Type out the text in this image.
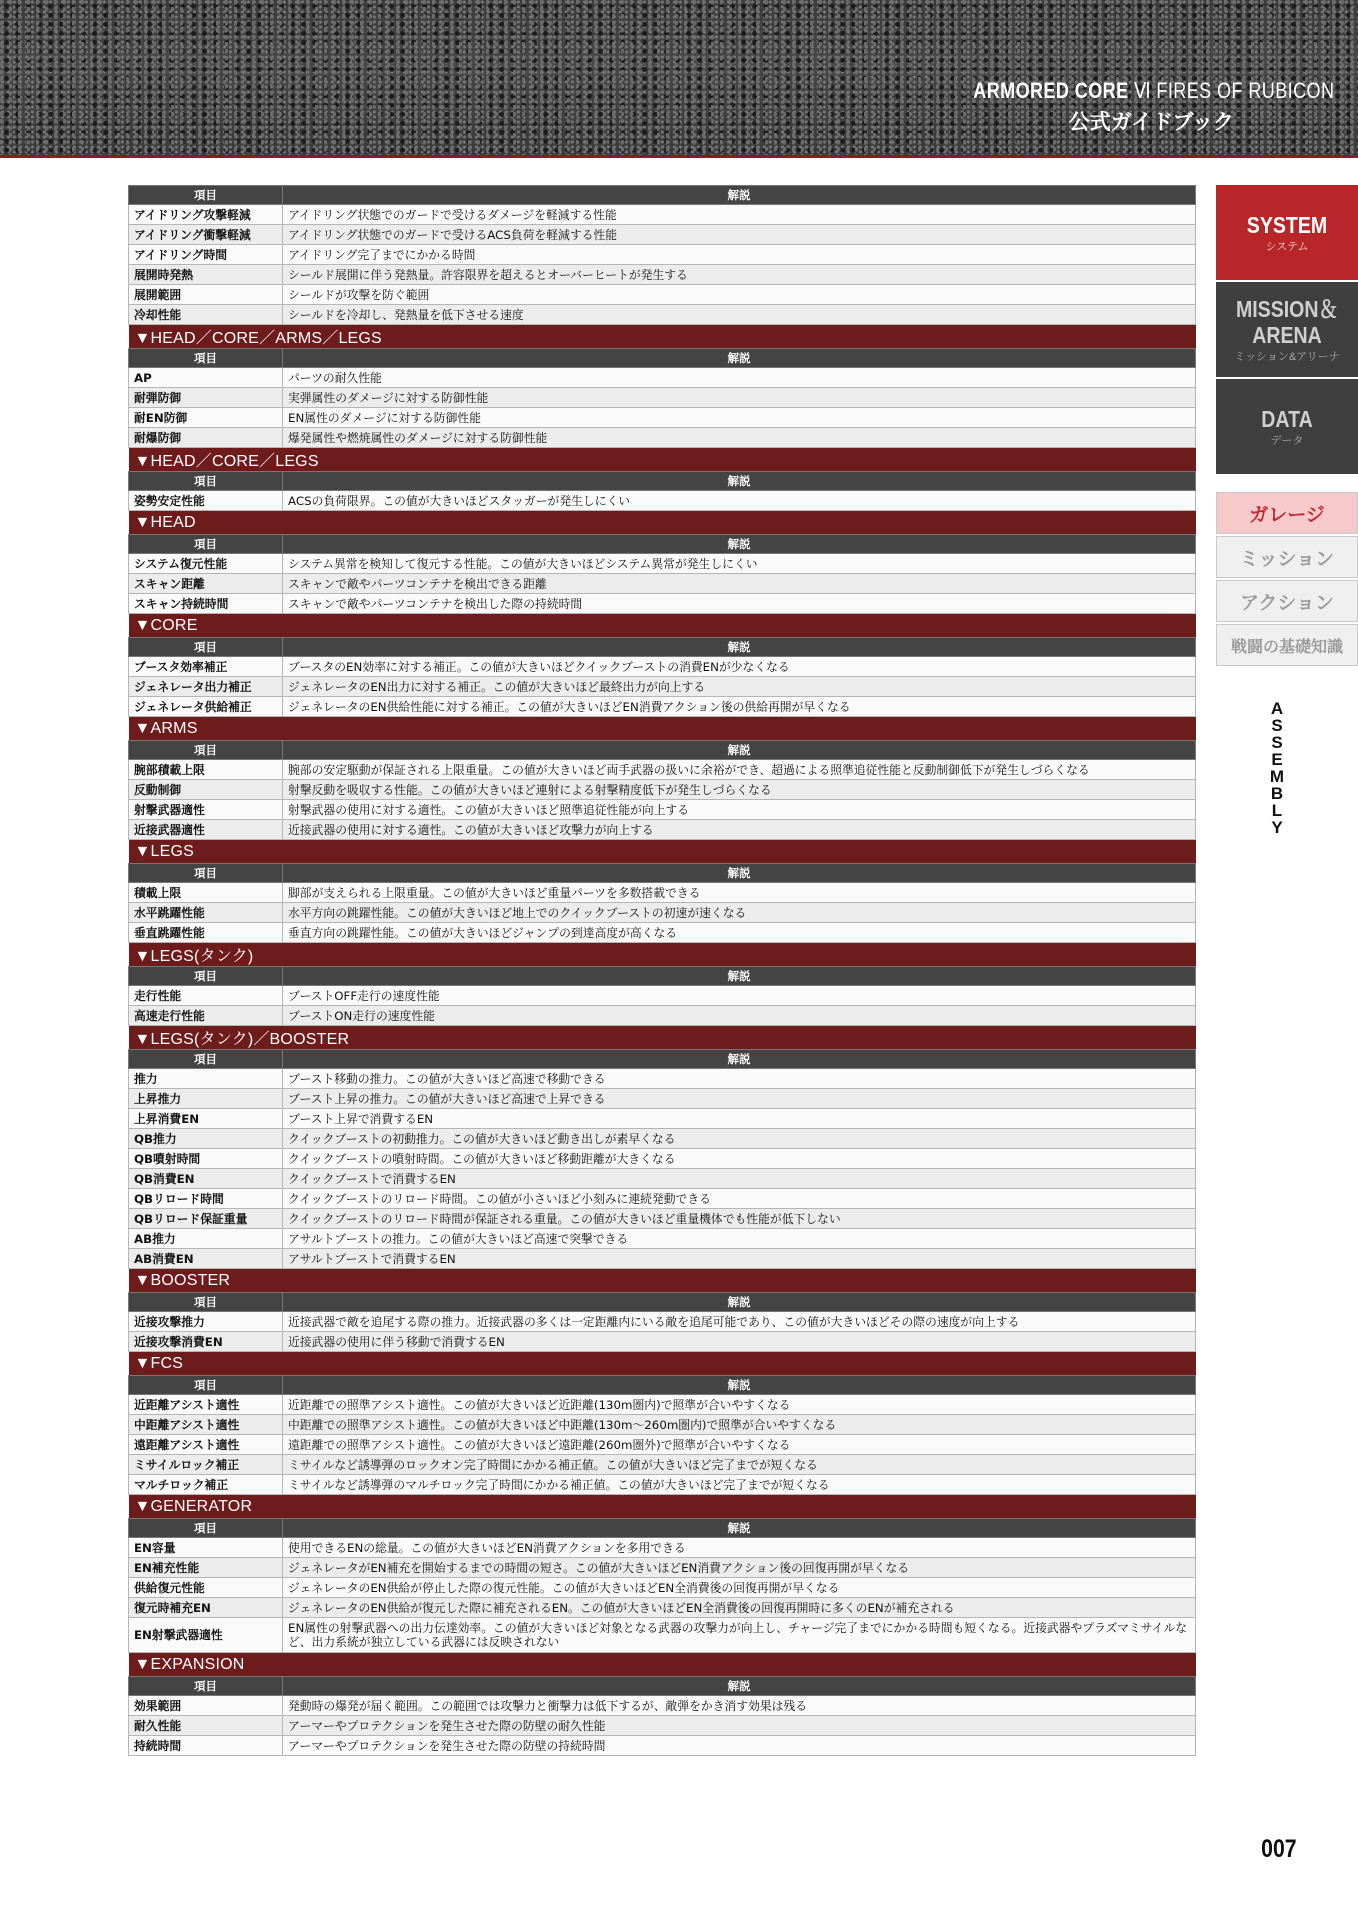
ARMORED CORE Ⅵ FIRES OF RUBICON
公式ガイドブック
項目	解説
アイドリング攻撃軽減	アイドリング状態でのガードで受けるダメージを軽減する性能
アイドリング衝撃軽減	アイドリング状態でのガードで受けるACS負荷を軽減する性能
アイドリング時間	アイドリング完了までにかかる時間
展開時発熱	シールド展開に伴う発熱量。許容限界を超えるとオーバーヒートが発生する
展開範囲	シールドが攻撃を防ぐ範囲
冷却性能	シールドを冷却し、発熱量を低下させる速度
▼HEAD／CORE／ARMS／LEGS	
項目	解説
AP	パーツの耐久性能
耐弾防御	実弾属性のダメージに対する防御性能
耐EN防御	EN属性のダメージに対する防御性能
耐爆防御	爆発属性や燃焼属性のダメージに対する防御性能
▼HEAD／CORE／LEGS	
項目	解説
姿勢安定性能	ACSの負荷限界。この値が大きいほどスタッガーが発生しにくい
▼HEAD	
項目	解説
システム復元性能	システム異常を検知して復元する性能。この値が大きいほどシステム異常が発生しにくい
スキャン距離	スキャンで敵やパーツコンテナを検出できる距離
スキャン持続時間	スキャンで敵やパーツコンテナを検出した際の持続時間
▼CORE	
項目	解説
ブースタ効率補正	ブースタのEN効率に対する補正。この値が大きいほどクイックブーストの消費ENが少なくなる
ジェネレータ出力補正	ジェネレータのEN出力に対する補正。この値が大きいほど最終出力が向上する
ジェネレータ供給補正	ジェネレータのEN供給性能に対する補正。この値が大きいほどEN消費アクション後の供給再開が早くなる
▼ARMS	
項目	解説
腕部積載上限	腕部の安定駆動が保証される上限重量。この値が大きいほど両手武器の扱いに余裕ができ、超過による照準追従性能と反動制御低下が発生しづらくなる
反動制御	射撃反動を吸収する性能。この値が大きいほど連射による射撃精度低下が発生しづらくなる
射撃武器適性	射撃武器の使用に対する適性。この値が大きいほど照準追従性能が向上する
近接武器適性	近接武器の使用に対する適性。この値が大きいほど攻撃力が向上する
▼LEGS	
項目	解説
積載上限	脚部が支えられる上限重量。この値が大きいほど重量パーツを多数搭載できる
水平跳躍性能	水平方向の跳躍性能。この値が大きいほど地上でのクイックブーストの初速が速くなる
垂直跳躍性能	垂直方向の跳躍性能。この値が大きいほどジャンプの到達高度が高くなる
▼LEGS(タンク)	
項目	解説
走行性能	ブーストOFF走行の速度性能
高速走行性能	ブーストON走行の速度性能
▼LEGS(タンク)／BOOSTER	
項目	解説
推力	ブースト移動の推力。この値が大きいほど高速で移動できる
上昇推力	ブースト上昇の推力。この値が大きいほど高速で上昇できる
上昇消費EN	ブースト上昇で消費するEN
QB推力	クイックブーストの初動推力。この値が大きいほど動き出しが素早くなる
QB噴射時間	クイックブーストの噴射時間。この値が大きいほど移動距離が大きくなる
QB消費EN	クイックブーストで消費するEN
QBリロード時間	クイックブーストのリロード時間。この値が小さいほど小刻みに連続発動できる
QBリロード保証重量	クイックブーストのリロード時間が保証される重量。この値が大きいほど重量機体でも性能が低下しない
AB推力	アサルトブーストの推力。この値が大きいほど高速で突撃できる
AB消費EN	アサルトブーストで消費するEN
▼BOOSTER	
項目	解説
近接攻撃推力	近接武器で敵を追尾する際の推力。近接武器の多くは一定距離内にいる敵を追尾可能であり、この値が大きいほどその際の速度が向上する
近接攻撃消費EN	近接武器の使用に伴う移動で消費するEN
▼FCS	
項目	解説
近距離アシスト適性	近距離での照準アシスト適性。この値が大きいほど近距離(130m圏内)で照準が合いやすくなる
中距離アシスト適性	中距離での照準アシスト適性。この値が大きいほど中距離(130m～260m圏内)で照準が合いやすくなる
遠距離アシスト適性	遠距離での照準アシスト適性。この値が大きいほど遠距離(260m圏外)で照準が合いやすくなる
ミサイルロック補正	ミサイルなど誘導弾のロックオン完了時間にかかる補正値。この値が大きいほど完了までが短くなる
マルチロック補正	ミサイルなど誘導弾のマルチロック完了時間にかかる補正値。この値が大きいほど完了までが短くなる
▼GENERATOR	
項目	解説
EN容量	使用できるENの総量。この値が大きいほどEN消費アクションを多用できる
EN補充性能	ジェネレータがEN補充を開始するまでの時間の短さ。この値が大きいほどEN消費アクション後の回復再開が早くなる
供給復元性能	ジェネレータのEN供給が停止した際の復元性能。この値が大きいほどEN全消費後の回復再開が早くなる
復元時補充EN	ジェネレータのEN供給が復元した際に補充されるEN。この値が大きいほどEN全消費後の回復再開時に多くのENが補充される
EN射撃武器適性	EN属性の射撃武器への出力伝達効率。この値が大きいほど対象となる武器の攻撃力が向上し、チャージ完了までにかかる時間も短くなる。近接武器やプラズマミサイルなど、出力系統が独立している武器には反映されない
▼EXPANSION	
項目	解説
効果範囲	発動時の爆発が届く範囲。この範囲では攻撃力と衝撃力は低下するが、敵弾をかき消す効果は残る
耐久性能	アーマーやプロテクションを発生させた際の防壁の耐久性能
持続時間	アーマーやプロテクションを発生させた際の防壁の持続時間
SYSTEM
システム
MISSION＆
ARENA
ミッション&アリーナ
DATA
データ
ガレージ
ミッション
アクション
戦闘の基礎知識
A
S
S
E
M
B
L
Y
007
